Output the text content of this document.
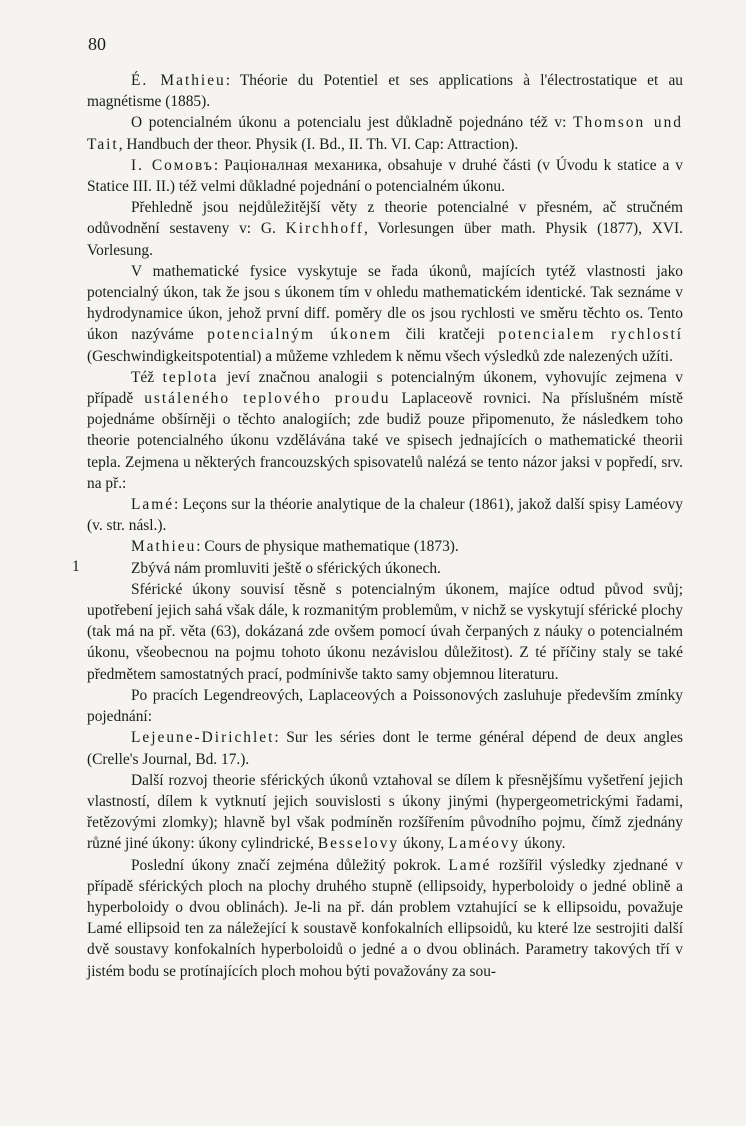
80
1

É. Mathieu: Théorie du Potentiel et ses applications à l'électrostatique et au magnétisme (1885).

O potencialném úkonu a potencialu jest důkladně pojednáno též v: Thomson und Tait, Handbuch der theor. Physik (I. Bd., II. Th. VI. Cap: Attraction).

I. Cомовъ: Раціоналная механика, obsahuje v druhé části (v Úvodu k statice a v Statice III. II.) též velmi důkladné pojednání o potencialném úkonu.

Přehledně jsou nejdůležitější věty z theorie potencialné v přesném, ač stručném odůvodnění sestaveny v: G. Kirchhoff, Vorlesungen über math. Physik (1877), XVI. Vorlesung.

V mathematické fysice vyskytuje se řada úkonů, majících tytéž vlastnosti jako potencialný úkon, tak že jsou s úkonem tím v ohledu mathematickém identické. Tak seznáme v hydrodynamice úkon, jehož první diff. poměry dle os jsou rychlosti ve směru těchto os. Tento úkon nazýváme potencialným úkonem čili kratčeji potencialem rychlostí (Geschwindigkeitspotential) a můžeme vzhledem k němu všech výsledků zde nalezených užíti.

Též teplota jeví značnou analogii s potencialným úkonem, vyhovujíc zejmena v případě ustáleného teplového proudu Laplaceově rovnici. Na příslušném místě pojednáme obšírněji o těchto analogiích; zde budiž pouze připomenuto, že následkem toho theorie potencialného úkonu vzdělávána také ve spisech jednajících o mathematické theorii tepla. Zejmena u některých francouzských spisovatelů nalézá se tento názor jaksi v popředí, srv. na př.:

Lamé: Leçons sur la théorie analytique de la chaleur (1861), jakož další spisy Laméovy (v. str. násl.).

Mathieu: Cours de physique mathematique (1873).

Zbývá nám promluviti ještě o sférických úkonech.

Sférické úkony souvisí těsně s potencialným úkonem, majíce odtud původ svůj; upotřebení jejich sahá však dále, k rozmanitým problemům, v nichž se vyskytují sférické plochy (tak má na př. věta (63), dokázaná zde ovšem pomocí úvah čerpaných z náuky o potencialném úkonu, všeobecnou na pojmu tohoto úkonu nezávislou důležitost). Z té příčiny staly se také předmětem samostatných prací, podmínivše takto samy objemnou literaturu.

Po pracích Legendreových, Laplaceových a Poissonových zasluhuje především zmínky pojednání:

Lejeune-Dirichlet: Sur les séries dont le terme général dépend de deux angles (Crelle's Journal, Bd. 17.).

Další rozvoj theorie sférických úkonů vztahoval se dílem k přesnějšímu vyšetření jejich vlastností, dílem k vytknutí jejich souvislosti s úkony jinými (hypergeometrickými řadami, řetězovými zlomky); hlavně byl však podmíněn rozšířením původního pojmu, čímž zjednány různé jiné úkony: úkony cylindrické, Besselovy úkony, Laméovy úkony.

Poslední úkony značí zejména důležitý pokrok. Lamé rozšířil výsledky zjednané v případě sférických ploch na plochy druhého stupně (ellipsoidy, hyperboloidy o jedné oblině a hyperboloidy o dvou oblinách). Je-li na př. dán problem vztahující se k ellipsoidu, považuje Lamé ellipsoid ten za náležející k soustavě konfokalních ellipsoidů, ku které lze sestrojiti další dvě soustavy konfokalních hyperboloidů o jedné a o dvou oblinách. Parametry takových tří v jistém bodu se protínajících ploch mohou býti považovány za sou-
